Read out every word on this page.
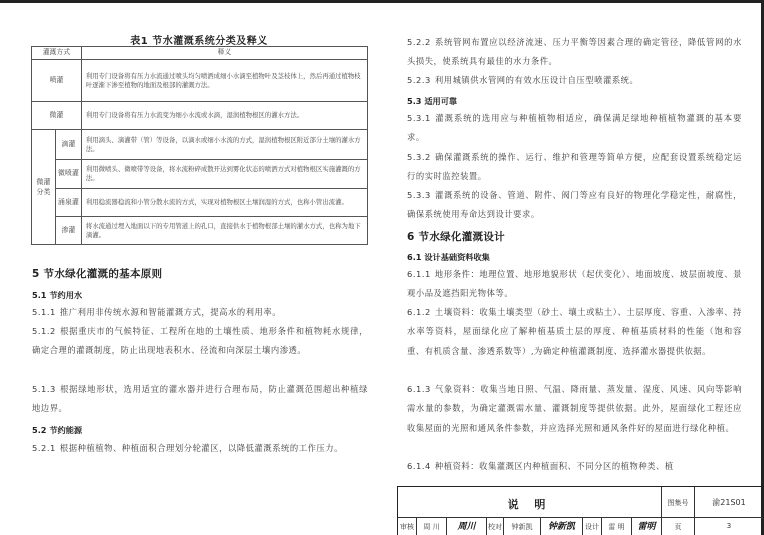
表1 节水灌溉系统分类及释义
灌溉方式		释义
喷灌		利用专门设备将有压力水流通过喷头均匀喷洒成细小水滴至植物叶及茎枝体上，然后再通过植物枝叶逐渐下渗至植物的地面及根部的灌溉方法。
微灌		利用专门设备将有压力水流变为细小水流或水滴，湿润植物根区的灌水方法。
微灌分类	滴灌	利用滴头、滴灌带（管）等设备，以滴水或细小水流的方式，湿润植物根区附近部分土壤的灌水方法。
	微喷灌	利用微喷头、微喷带等设备，将水流粉碎成散开达到雾化状态的喷洒方式对植物根区实施灌溉的方法。
	涌泉灌	利用稳流器稳流和小管分散水流的方式，实现对植物根区土壤润湿的方式，也称小管出流灌。
	渗灌	将水流通过埋入地面以下的专用管道上的孔口，直接供水于植物根部土壤的灌水方式，也称为地下滴灌。
5 节水绿化灌溉的基本原则
5.1 节约用水
5.1.1 推广利用非传统水源和智能灌溉方式，提高水的利用率。
5.1.2 根据重庆市的气候特征、工程所在地的土壤性质、地形条件和植物耗水规律，确定合理的灌溉制度，防止出现地表积水、径流和向深层土壤内渗透。
5.1.3 根据绿地形状，选用适宜的灌水器并进行合理布局，防止灌溉范围超出种植绿地边界。
5.2 节约能源
5.2.1 根据种植植物、种植面积合理划分轮灌区，以降低灌溉系统的工作压力。
5.2.2 系统管网布置应以经济流速、压力平衡等因素合理的确定管径，降低管网的水头损失，使系统具有最佳的水力条件。
5.2.3 利用城镇供水管网的有效水压设计自压型喷灌系统。
5.3 适用可靠
5.3.1 灌溉系统的选用应与种植植物相适应，确保满足绿地种植植物灌溉的基本要求。
5.3.2 确保灌溉系统的操作、运行、维护和管理等简单方便，应配套设置系统稳定运行的实时监控装置。
5.3.3 灌溉系统的设备、管道、附件、阀门等应有良好的物理化学稳定性，耐腐性，确保系统使用寿命达到设计要求。
6 节水绿化灌溉设计
6.1 设计基础资料收集
6.1.1 地形条件：地理位置、地形地貌形状（起伏变化）、地面坡度、坡层面坡度、景观小品及遮挡阳光物体等。
6.1.2 土壤资料：收集土壤类型（砂土、壤土或粘土）、土层厚度、容重、入渗率、持水率等资料，屋面绿化应了解种植基质土层的厚度、种植基质材料的性能（饱和容重、有机质含量、渗透系数等）,为确定种植灌溉制度、选择灌水器提供依据。
6.1.3 气象资料：收集当地日照、气温、降雨量、蒸发量、湿度、风速、风向等影响需水量的参数，为确定灌溉需水量、灌溉制度等提供依据。此外，屋面绿化工程还应收集屋面的光照和通风条件参数，并应选择光照和通风条件好的屋面进行绿化种植。
6.1.4 种植资料：收集灌溉区内种植面积、不同分区的植物种类、植
说 明	图集号	渝21S01
审核	周 川	周川	校对	钟新凯	钟新凯	设计	雷 明	雷明	页	3
